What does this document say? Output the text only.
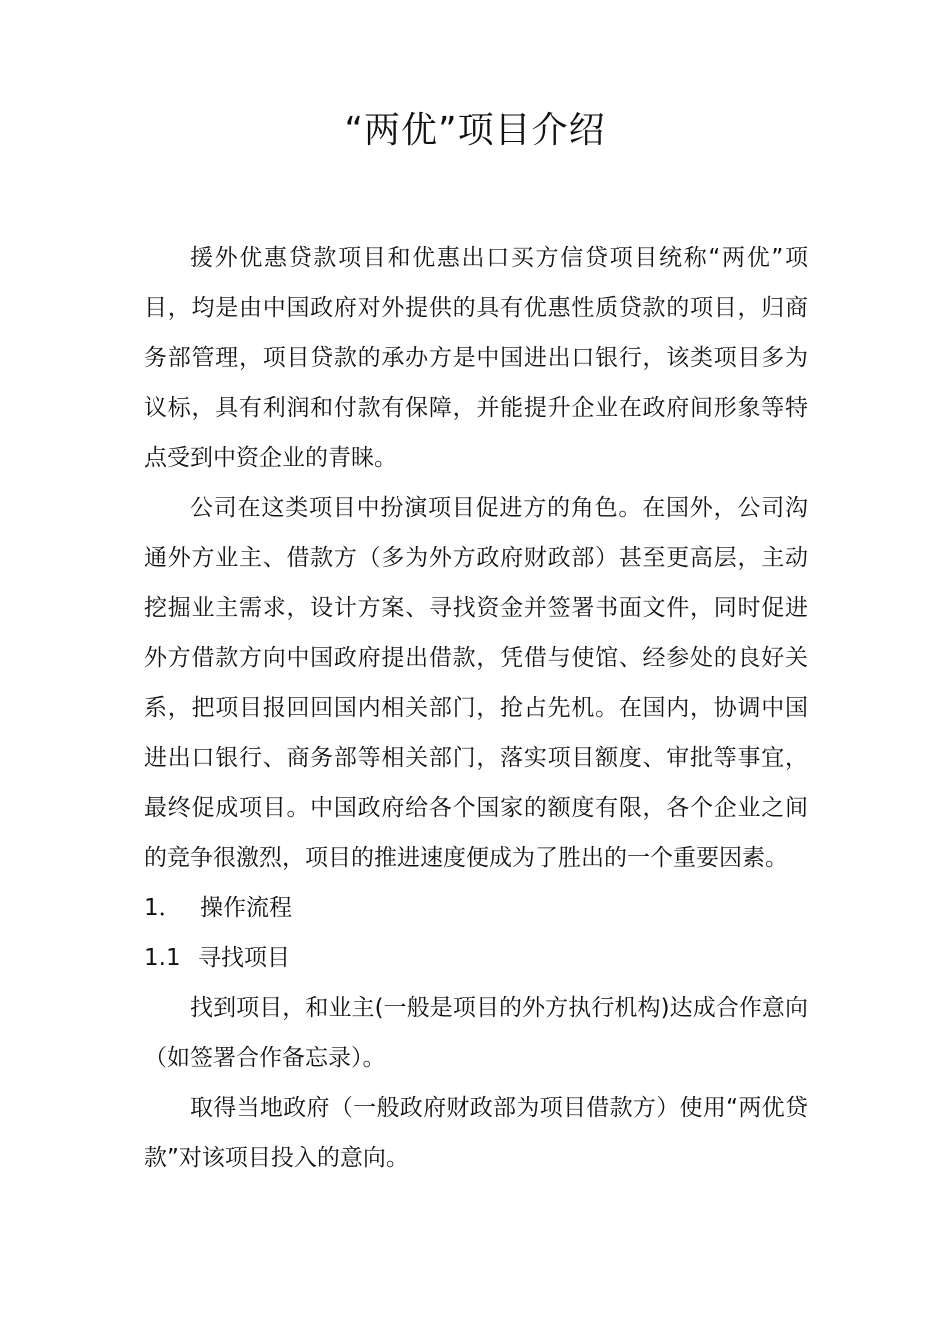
“两优”项目介绍

援外优惠贷款项目和优惠出口买方信贷项目统称“两优”项目，均是由中国政府对外提供的具有优惠性质贷款的项目，归商务部管理，项目贷款的承办方是中国进出口银行，该类项目多为议标，具有利润和付款有保障，并能提升企业在政府间形象等特点受到中资企业的青睐。

公司在这类项目中扮演项目促进方的角色。在国外，公司沟通外方业主、借款方（多为外方政府财政部）甚至更高层，主动挖掘业主需求，设计方案、寻找资金并签署书面文件，同时促进外方借款方向中国政府提出借款，凭借与使馆、经参处的良好关系，把项目报回回国内相关部门，抢占先机。在国内，协调中国进出口银行、商务部等相关部门，落实项目额度、审批等事宜，最终促成项目。中国政府给各个国家的额度有限，各个企业之间的竞争很激烈，项目的推进速度便成为了胜出的一个重要因素。

1． 操作流程
1.1 寻找项目

找到项目，和业主(一般是项目的外方执行机构)达成合作意向（如签署合作备忘录）。

取得当地政府（一般政府财政部为项目借款方）使用“两优贷款”对该项目投入的意向。
